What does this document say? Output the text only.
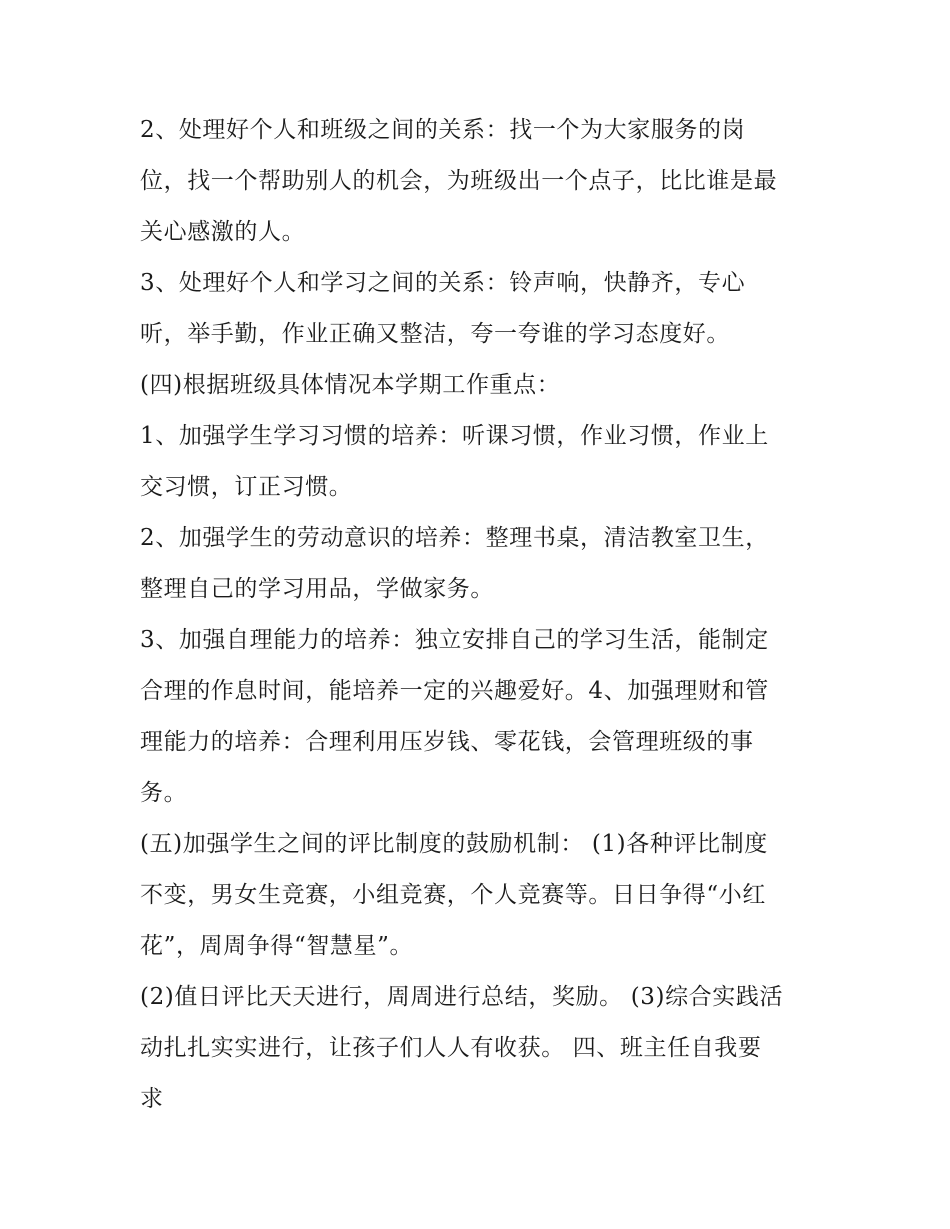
2、处理好个人和班级之间的关系：找一个为大家服务的岗
位，找一个帮助别人的机会，为班级出一个点子，比比谁是最
关心感激的人。
3、处理好个人和学习之间的关系：铃声响，快静齐，专心
听，举手勤，作业正确又整洁，夸一夸谁的学习态度好。
(四)根据班级具体情况本学期工作重点：
1、加强学生学习习惯的培养：听课习惯，作业习惯，作业上
交习惯，订正习惯。
2、加强学生的劳动意识的培养：整理书桌，清洁教室卫生，
整理自己的学习用品，学做家务。
3、加强自理能力的培养：独立安排自己的学习生活，能制定
合理的作息时间，能培养一定的兴趣爱好。4、加强理财和管
理能力的培养：合理利用压岁钱、零花钱，会管理班级的事
务。
(五)加强学生之间的评比制度的鼓励机制： (1)各种评比制度
不变，男女生竞赛，小组竞赛，个人竞赛等。日日争得“小红
花”，周周争得“智慧星”。
(2)值日评比天天进行，周周进行总结，奖励。 (3)综合实践活
动扎扎实实进行，让孩子们人人有收获。 四、班主任自我要
求
